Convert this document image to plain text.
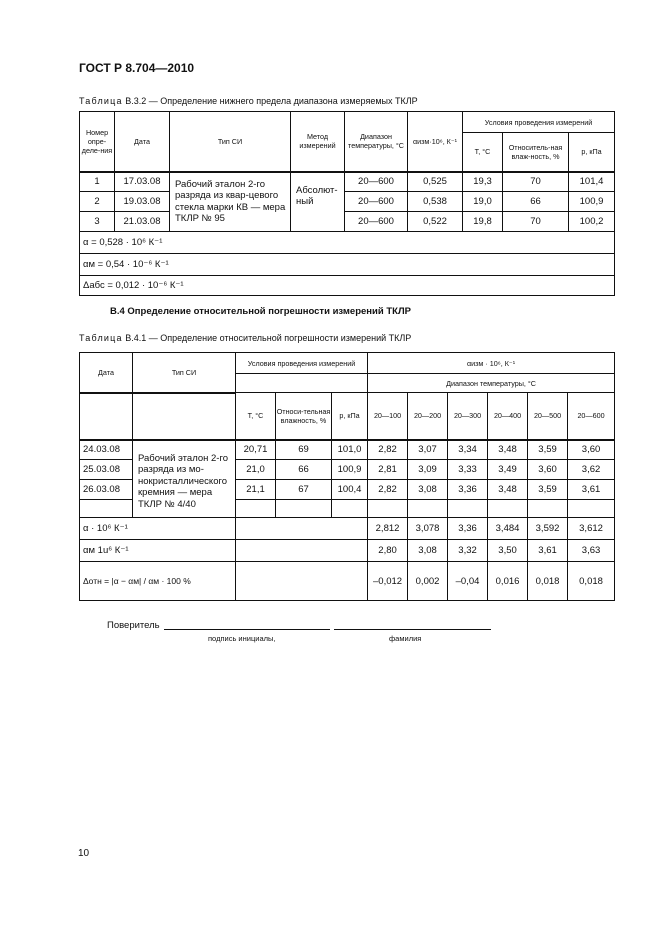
ГОСТ Р 8.704—2010
Таблица В.3.2 — Определение нижнего предела диапазона измеряемых ТКЛР
Номер опре-деле-ния	Дата	Тип СИ	Метод измерений	Диапазон температуры, °С	αизм·10⁶, К⁻¹	Условия проведения измерений		
						Т, °С	Относитель-ная влаж-ность, %	р, кПа
1	17.03.08	Рабочий эталон 2-го разряда из квар-цевого стекла марки КВ — мера ТКЛР № 95	Абсолют-ный	20—600	0,525	19,3	70	101,4
2	19.03.08			20—600	0,538	19,0	66	100,9
3	21.03.08			20—600	0,522	19,8	70	100,2
α = 0,528 · 10⁶ К⁻¹								
αм = 0,54 · 10⁻⁶ К⁻¹								
Δабс = 0,012 · 10⁻⁶ К⁻¹								
В.4 Определение относительной погрешности измерений ТКЛР
Таблица В.4.1 — Определение относительной погрешности измерений ТКЛР
Дата	Тип СИ	Условия проведения измерений			αизм · 10⁶, К⁻¹					
					Диапазон температуры, °С					
		Т, °С	Относи-тельная влажность, %	р, кПа	20—100	20—200	20—300	20—400	20—500	20—600
24.03.08	Рабочий эталон 2-го разряда из мо-нокристаллического кремния — мера ТКЛР № 4/40	20,71	69	101,0	2,82	3,07	3,34	3,48	3,59	3,60
25.03.08		21,0	66	100,9	2,81	3,09	3,33	3,49	3,60	3,62
26.03.08		21,1	67	100,4	2,82	3,08	3,36	3,48	3,59	3,61

α · 10⁶ К⁻¹					2,812	3,078	3,36	3,484	3,592	3,612
αм 1u⁶ К⁻¹					2,80	3,08	3,32	3,50	3,61	3,63
Δотн = |α − αм| / αм · 100 %					–0,012	0,002	–0,04	0,016	0,018	0,018
Поверитель
подпись инициалы,	фамилия
10
